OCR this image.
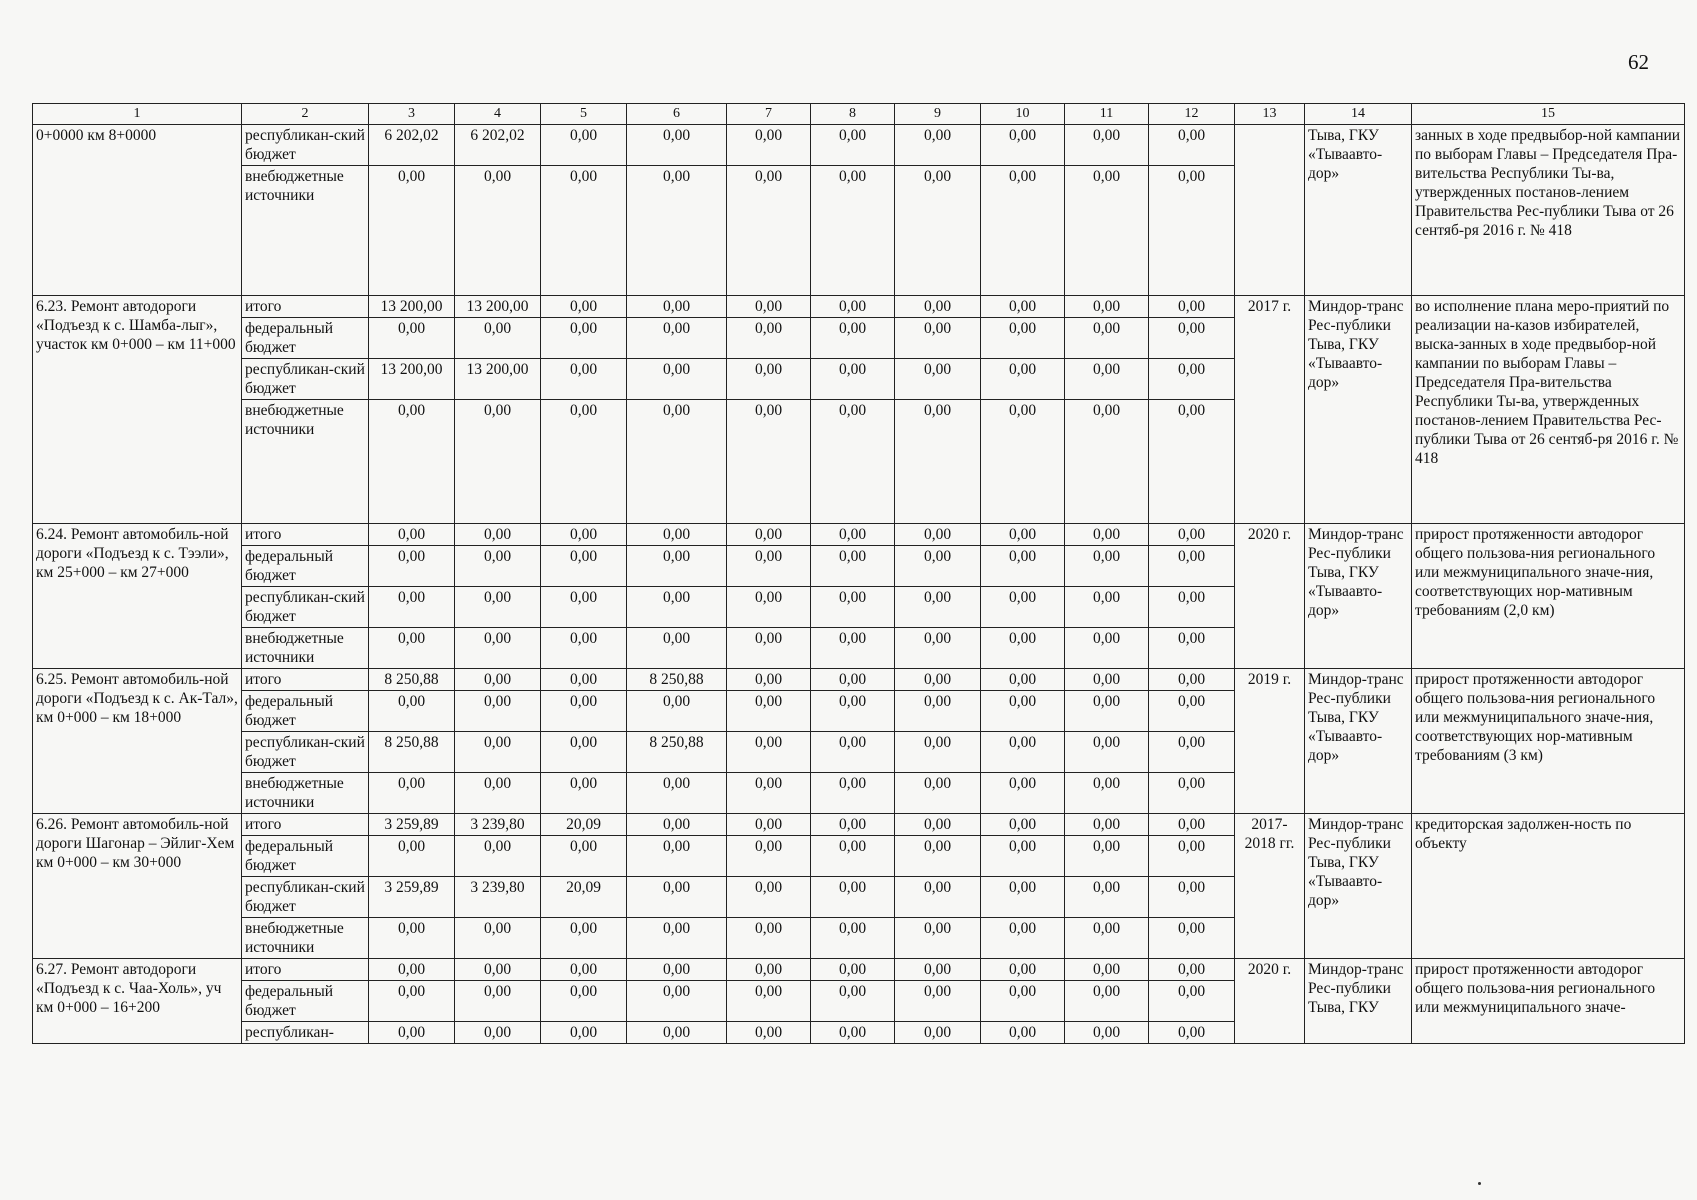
62
1	2	3	4	5	6	7	8	9	10	11	12	13	14	15
0+0000 км 8+0000	республикан-ский бюджет	6 202,02	6 202,02	0,00	0,00	0,00	0,00	0,00	0,00	0,00	0,00		Тыва, ГКУ «Тываавто-дор»	занных в ходе предвыбор-ной кампании по выборам Главы – Председателя Пра-вительства Республики Ты-ва, утвержденных постанов-лением Правительства Рес-публики Тыва от 26 сентяб-ря 2016 г. № 418
	внебюджетные источники	0,00	0,00	0,00	0,00	0,00	0,00	0,00	0,00	0,00	0,00			
6.23. Ремонт автодороги «Подъезд к с. Шамба-лыг», участок км 0+000 – км 11+000	итого	13 200,00	13 200,00	0,00	0,00	0,00	0,00	0,00	0,00	0,00	0,00	2017 г.	Миндор-транс Рес-публики Тыва, ГКУ «Тываавто-дор»	во исполнение плана меро-приятий по реализации на-казов избирателей, выска-занных в ходе предвыбор-ной кампании по выборам Главы – Председателя Пра-вительства Республики Ты-ва, утвержденных постанов-лением Правительства Рес-публики Тыва от 26 сентяб-ря 2016 г. № 418
	федеральный бюджет	0,00	0,00	0,00	0,00	0,00	0,00	0,00	0,00	0,00	0,00			
	республикан-ский бюджет	13 200,00	13 200,00	0,00	0,00	0,00	0,00	0,00	0,00	0,00	0,00			
	внебюджетные источники	0,00	0,00	0,00	0,00	0,00	0,00	0,00	0,00	0,00	0,00			
6.24. Ремонт автомобиль-ной дороги «Подъезд к с. Тээли», км 25+000 – км 27+000	итого	0,00	0,00	0,00	0,00	0,00	0,00	0,00	0,00	0,00	0,00	2020 г.	Миндор-транс Рес-публики Тыва, ГКУ «Тываавто-дор»	прирост протяженности автодорог общего пользова-ния регионального или межмуниципального значе-ния, соответствующих нор-мативным требованиям (2,0 км)
	федеральный бюджет	0,00	0,00	0,00	0,00	0,00	0,00	0,00	0,00	0,00	0,00			
	республикан-ский бюджет	0,00	0,00	0,00	0,00	0,00	0,00	0,00	0,00	0,00	0,00			
	внебюджетные источники	0,00	0,00	0,00	0,00	0,00	0,00	0,00	0,00	0,00	0,00			
6.25. Ремонт автомобиль-ной дороги «Подъезд к с. Ак-Тал», км 0+000 – км 18+000	итого	8 250,88	0,00	0,00	8 250,88	0,00	0,00	0,00	0,00	0,00	0,00	2019 г.	Миндор-транс Рес-публики Тыва, ГКУ «Тываавто-дор»	прирост протяженности автодорог общего пользова-ния регионального или межмуниципального значе-ния, соответствующих нор-мативным требованиям (3 км)
	федеральный бюджет	0,00	0,00	0,00	0,00	0,00	0,00	0,00	0,00	0,00	0,00			
	республикан-ский бюджет	8 250,88	0,00	0,00	8 250,88	0,00	0,00	0,00	0,00	0,00	0,00			
	внебюджетные источники	0,00	0,00	0,00	0,00	0,00	0,00	0,00	0,00	0,00	0,00			
6.26. Ремонт автомобиль-ной дороги Шагонар – Эйлиг-Хем км 0+000 – км 30+000	итого	3 259,89	3 239,80	20,09	0,00	0,00	0,00	0,00	0,00	0,00	0,00	2017-2018 гг.	Миндор-транс Рес-публики Тыва, ГКУ «Тываавто-дор»	кредиторская задолжен-ность по объекту
	федеральный бюджет	0,00	0,00	0,00	0,00	0,00	0,00	0,00	0,00	0,00	0,00			
	республикан-ский бюджет	3 259,89	3 239,80	20,09	0,00	0,00	0,00	0,00	0,00	0,00	0,00			
	внебюджетные источники	0,00	0,00	0,00	0,00	0,00	0,00	0,00	0,00	0,00	0,00			
6.27. Ремонт автодороги «Подъезд к с. Чаа-Холь», уч км 0+000 – 16+200	итого	0,00	0,00	0,00	0,00	0,00	0,00	0,00	0,00	0,00	0,00	2020 г.	Миндор-транс Рес-публики Тыва, ГКУ	прирост протяженности автодорог общего пользова-ния регионального или межмуниципального значе-
	федеральный бюджет	0,00	0,00	0,00	0,00	0,00	0,00	0,00	0,00	0,00	0,00			
	республикан-	0,00	0,00	0,00	0,00	0,00	0,00	0,00	0,00	0,00	0,00			
